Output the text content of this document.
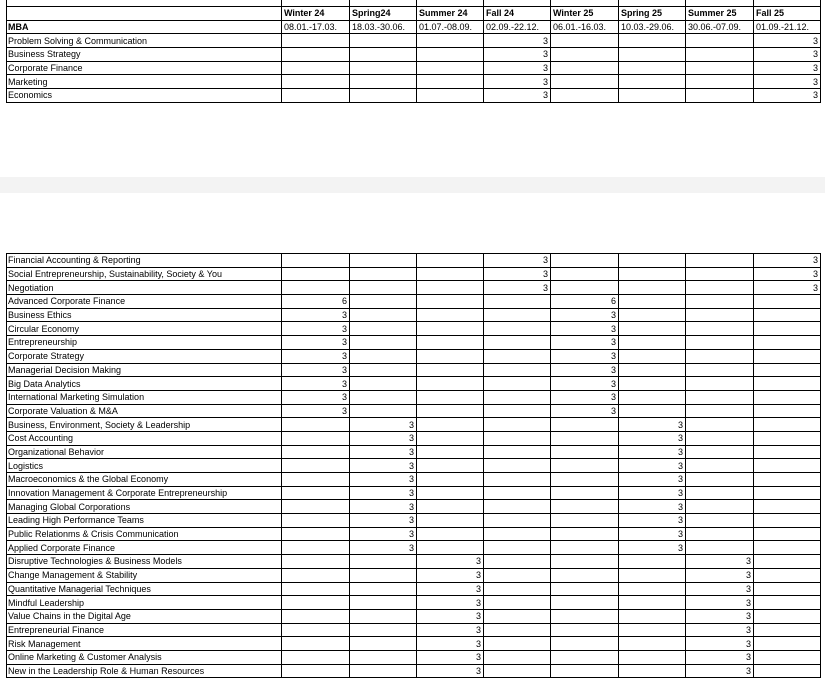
	Winter 24	Spring24	Summer 24	Fall 24	Winter 25	Spring 25	Summer 25	Fall 25
MBA	08.01.-17.03.	18.03.-30.06.	01.07.-08.09.	02.09.-22.12.	06.01.-16.03.	10.03.-29.06.	30.06.-07.09.	01.09.-21.12.
Problem Solving & Communication				3				3
Business Strategy				3				3
Corporate Finance				3				3
Marketing				3				3
Economics				3				3
Financial Accounting & Reporting				3				3
Social Entrepreneurship, Sustainability, Society & You				3				3
Negotiation				3				3
Advanced Corporate Finance	6				6			
Business Ethics	3				3			
Circular Economy	3				3			
Entrepreneurship	3				3			
Corporate Strategy	3				3			
Managerial Decision Making	3				3			
Big Data Analytics	3				3			
International Marketing Simulation	3				3			
Corporate Valuation & M&A	3				3			
Business, Environment, Society & Leadership		3				3		
Cost Accounting		3				3		
Organizational Behavior		3				3		
Logistics		3				3		
Macroeconomics & the Global Economy		3				3		
Innovation Management & Corporate Entrepreneurship		3				3		
Managing Global Corporations		3				3		
Leading High Performance Teams		3				3		
Public Relationms & Crisis Communication		3				3		
Applied Corporate Finance		3				3		
Disruptive Technologies & Business Models			3				3	
Change Management & Stability			3				3	
Quantitative Managerial Techniques			3				3	
Mindful Leadership			3				3	
Value Chains in the Digital Age			3				3	
Entrepreneurial Finance			3				3	
Risk Management			3				3	
Online Marketing & Customer Analysis			3				3	
New in the Leadership Role & Human Resources			3				3	
